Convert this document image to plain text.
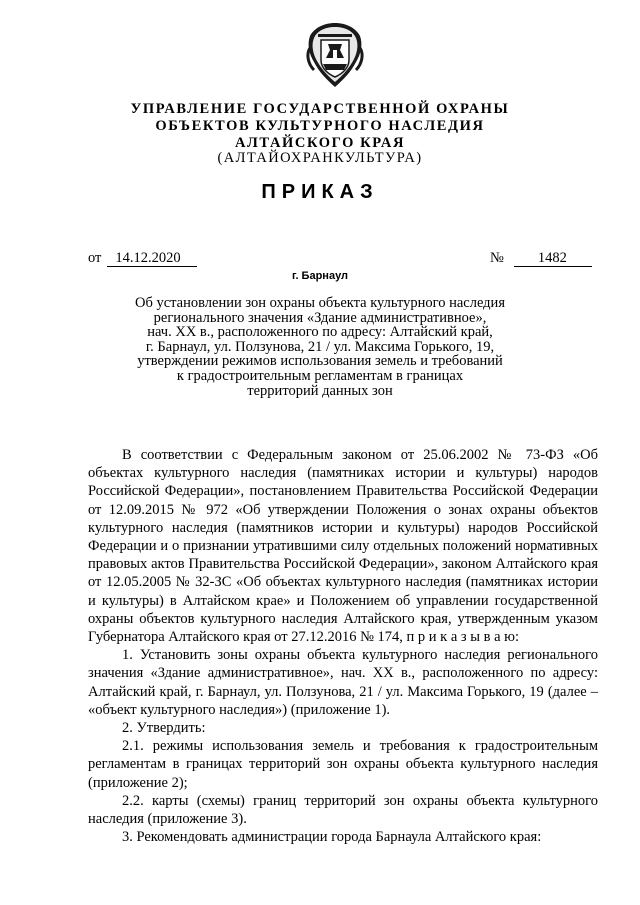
УПРАВЛЕНИЕ ГОСУДАРСТВЕННОЙ ОХРАНЫ
ОБЪЕКТОВ КУЛЬТУРНОГО НАСЛЕДИЯ
АЛТАЙСКОГО КРАЯ
(АЛТАЙОХРАНКУЛЬТУРА)
ПРИКАЗ
от 14.12.2020	№ 1482
г. Барнаул
Об установлении зон охраны объекта культурного наследия
регионального значения «Здание административное»,
нач. XX в., расположенного по адресу: Алтайский край,
г. Барнаул, ул. Ползунова, 21 / ул. Максима Горького, 19,
утверждении режимов использования земель и требований
к градостроительным регламентам в границах
территорий данных зон

В соответствии с Федеральным законом от 25.06.2002 № 73-ФЗ «Об объектах культурного наследия (памятниках истории и культуры) народов Российской Федерации», постановлением Правительства Российской Федерации от 12.09.2015 № 972 «Об утверждении Положения о зонах охраны объектов культурного наследия (памятников истории и культуры) народов Российской Федерации и о признании утратившими силу отдельных положений нормативных правовых актов Правительства Российской Федерации», законом Алтайского края от 12.05.2005 № 32-ЗС «Об объектах культурного наследия (памятниках истории и культуры) в Алтайском крае» и Положением об управлении государственной охраны объектов культурного наследия Алтайского края, утвержденным указом Губернатора Алтайского края от 27.12.2016 № 174, п р и к а з ы в а ю:

1. Установить зоны охраны объекта культурного наследия регионального значения «Здание административное», нач. XX в., расположенного по адресу: Алтайский край, г. Барнаул, ул. Ползунова, 21 / ул. Максима Горького, 19 (далее – «объект культурного наследия») (приложение 1).

2. Утвердить:

2.1. режимы использования земель и требования к градостроительным регламентам в границах территорий зон охраны объекта культурного наследия (приложение 2);

2.2. карты (схемы) границ территорий зон охраны объекта культурного наследия (приложение 3).

3. Рекомендовать администрации города Барнаула Алтайского края:
